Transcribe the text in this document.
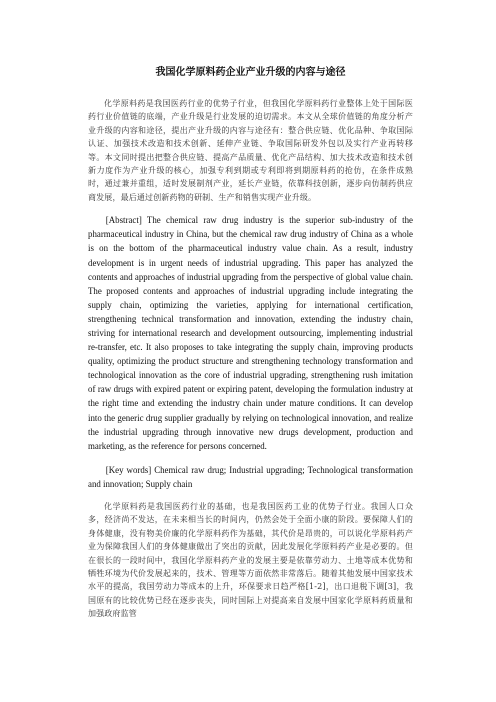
我国化学原料药企业产业升级的内容与途径

化学原料药是我国医药行业的优势子行业，但我国化学原料药行业整体上处于国际医药行业价值链的底端，产业升级是行业发展的迫切需求。本文从全球价值链的角度分析产业升级的内容和途径，提出产业升级的内容与途径有：整合供应链、优化品种、争取国际认证、加强技术改造和技术创新、延伸产业链、争取国际研发外包以及实行产业再转移等。本文同时提出把整合供应链、提高产品质量、优化产品结构、加大技术改造和技术创新力度作为产业升级的核心，加强专利到期或专利即将到期原料药的抢仿，在条件成熟时，通过兼并重组，适时发展制剂产业，延长产业链，依靠科技创新，逐步向仿制药供应商发展，最后通过创新药物的研制、生产和销售实现产业升级。

[Abstract] The chemical raw drug industry is the superior sub-industry of the pharmaceutical industry in China, but the chemical raw drug industry of China as a whole is on the bottom of the pharmaceutical industry value chain. As a result, industry development is in urgent needs of industrial upgrading. This paper has analyzed the contents and approaches of industrial upgrading from the perspective of global value chain. The proposed contents and approaches of industrial upgrading include integrating the supply chain, optimizing the varieties, applying for international certification, strengthening technical transformation and innovation, extending the industry chain, striving for international research and development outsourcing, implementing industrial re-transfer, etc. It also proposes to take integrating the supply chain, improving products quality, optimizing the product structure and strengthening technology transformation and technological innovation as the core of industrial upgrading, strengthening rush imitation of raw drugs with expired patent or expiring patent, developing the formulation industry at the right time and extending the industry chain under mature conditions. It can develop into the generic drug supplier gradually by relying on technological innovation, and realize the industrial upgrading through innovative new drugs development, production and marketing, as the reference for persons concerned.

[Key words] Chemical raw drug; Industrial upgrading; Technological transformation and innovation; Supply chain

化学原料药是我国医药行业的基础，也是我国医药工业的优势子行业。我国人口众多，经济尚不发达，在未来相当长的时间内，仍然会处于全面小康的阶段。要保障人们的身体健康，没有物美价廉的化学原料药作为基础，其代价是昂贵的，可以说化学原料药产业为保障我国人们的身体健康做出了突出的贡献，因此发展化学原料药产业是必要的。但在很长的一段时间中，我国化学原料药产业的发展主要是依靠劳动力、土地等成本优势和牺牲环境为代价发展起来的，技术、管理等方面依然非常落后。随着其他发展中国家技术水平的提高，我国劳动力等成本的上升，环保要求日趋严格[1-2]，出口退税下调[3]，我国原有的比较优势已经在逐步丧失，同时国际上对提高来自发展中国家化学原料药质量和加强政府监管
